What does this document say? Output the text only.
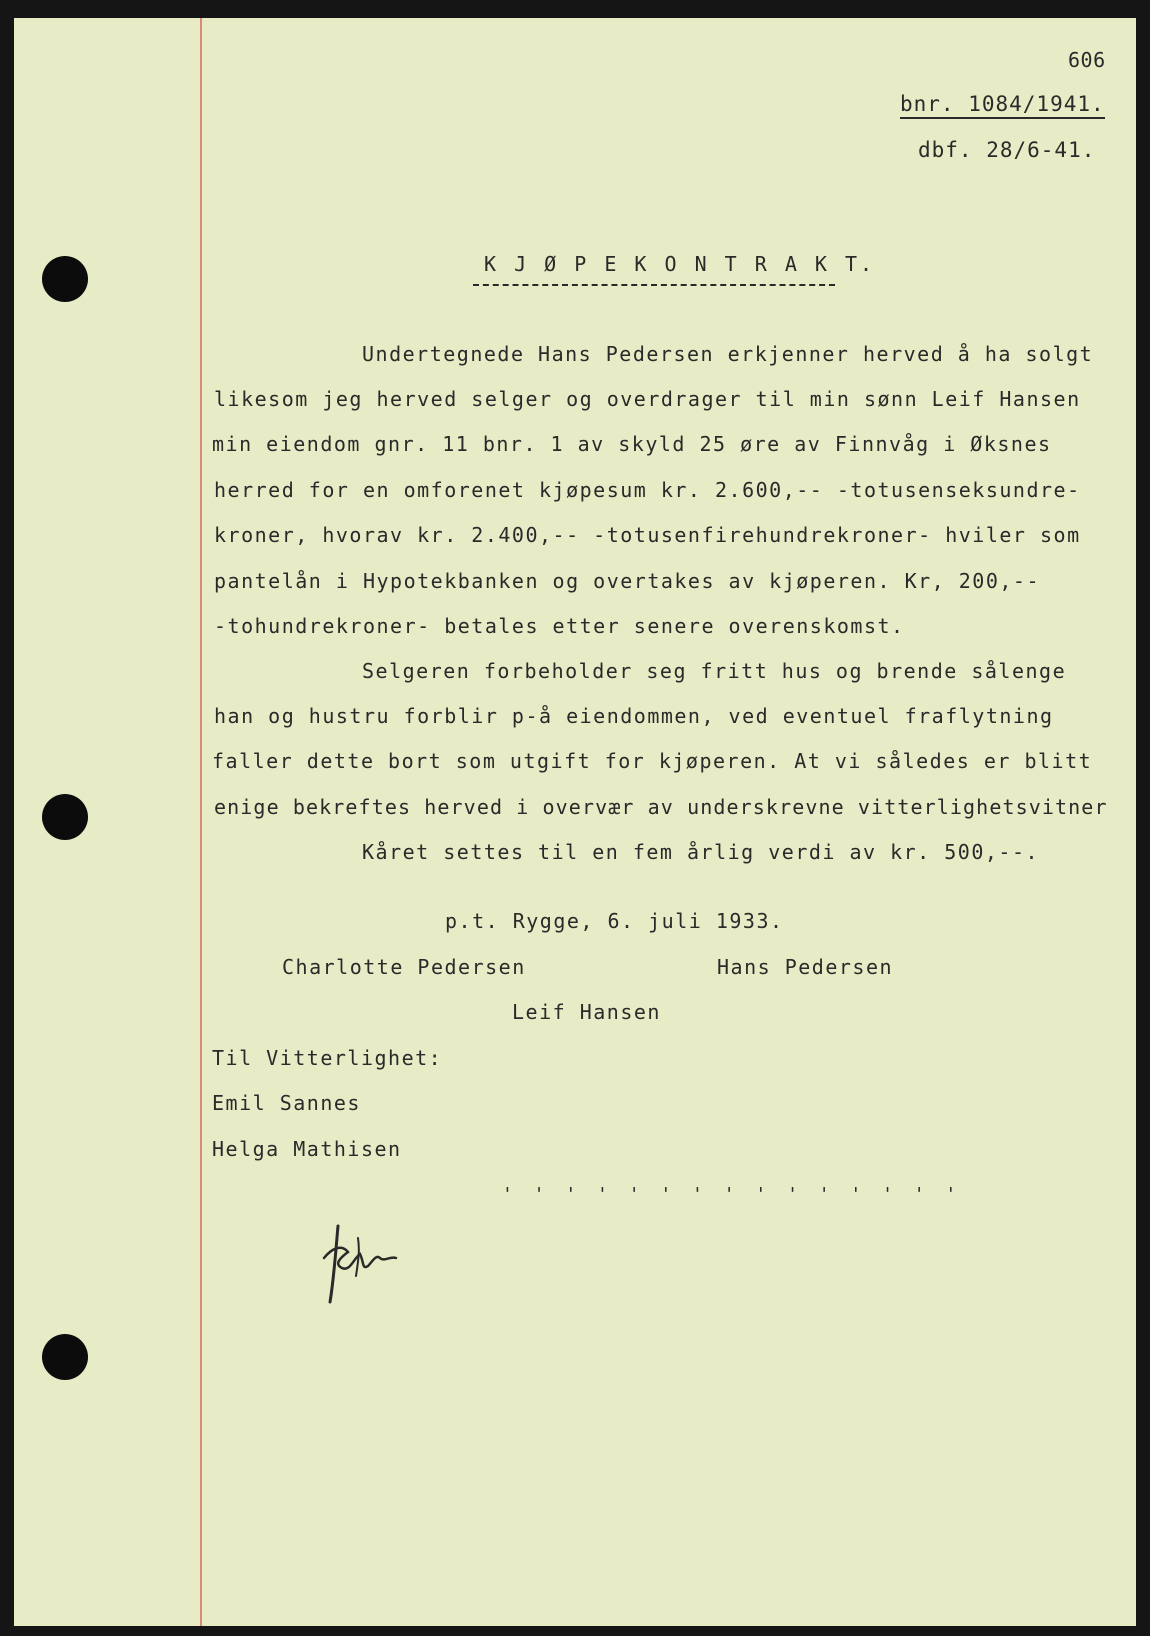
606
bnr. 1084/1941.
dbf. 28/6-41.
K J Ø P E K O N T R A K T.
Undertegnede Hans Pedersen erkjenner herved å ha solgt
likesom jeg herved selger og overdrager til min sønn Leif Hansen
min eiendom gnr. 11 bnr. 1 av skyld 25 øre av Finnvåg i Øksnes
herred for en omforenet kjøpesum kr. 2.600,-- -totusenseksundre-
kroner, hvorav kr. 2.400,-- -totusenfirehundrekroner- hviler som
pantelån i Hypotekbanken og overtakes av kjøperen. Kr, 200,--
-tohundrekroner- betales etter senere overenskomst.
Selgeren forbeholder seg fritt hus og brende sålenge
han og hustru forblir p-å eiendommen, ved eventuel fraflytning
faller dette bort som utgift for kjøperen. At vi således er blitt
enige bekreftes herved i overvær av underskrevne vitterlighetsvitner
Kåret settes til en fem årlig verdi av kr. 500,--.
p.t. Rygge, 6. juli 1933.
Charlotte Pedersen	Hans Pedersen
Leif Hansen
Til Vitterlighet:
Emil Sannes
Helga Mathisen
' ' ' ' ' ' ' ' ' ' ' ' ' ' '
